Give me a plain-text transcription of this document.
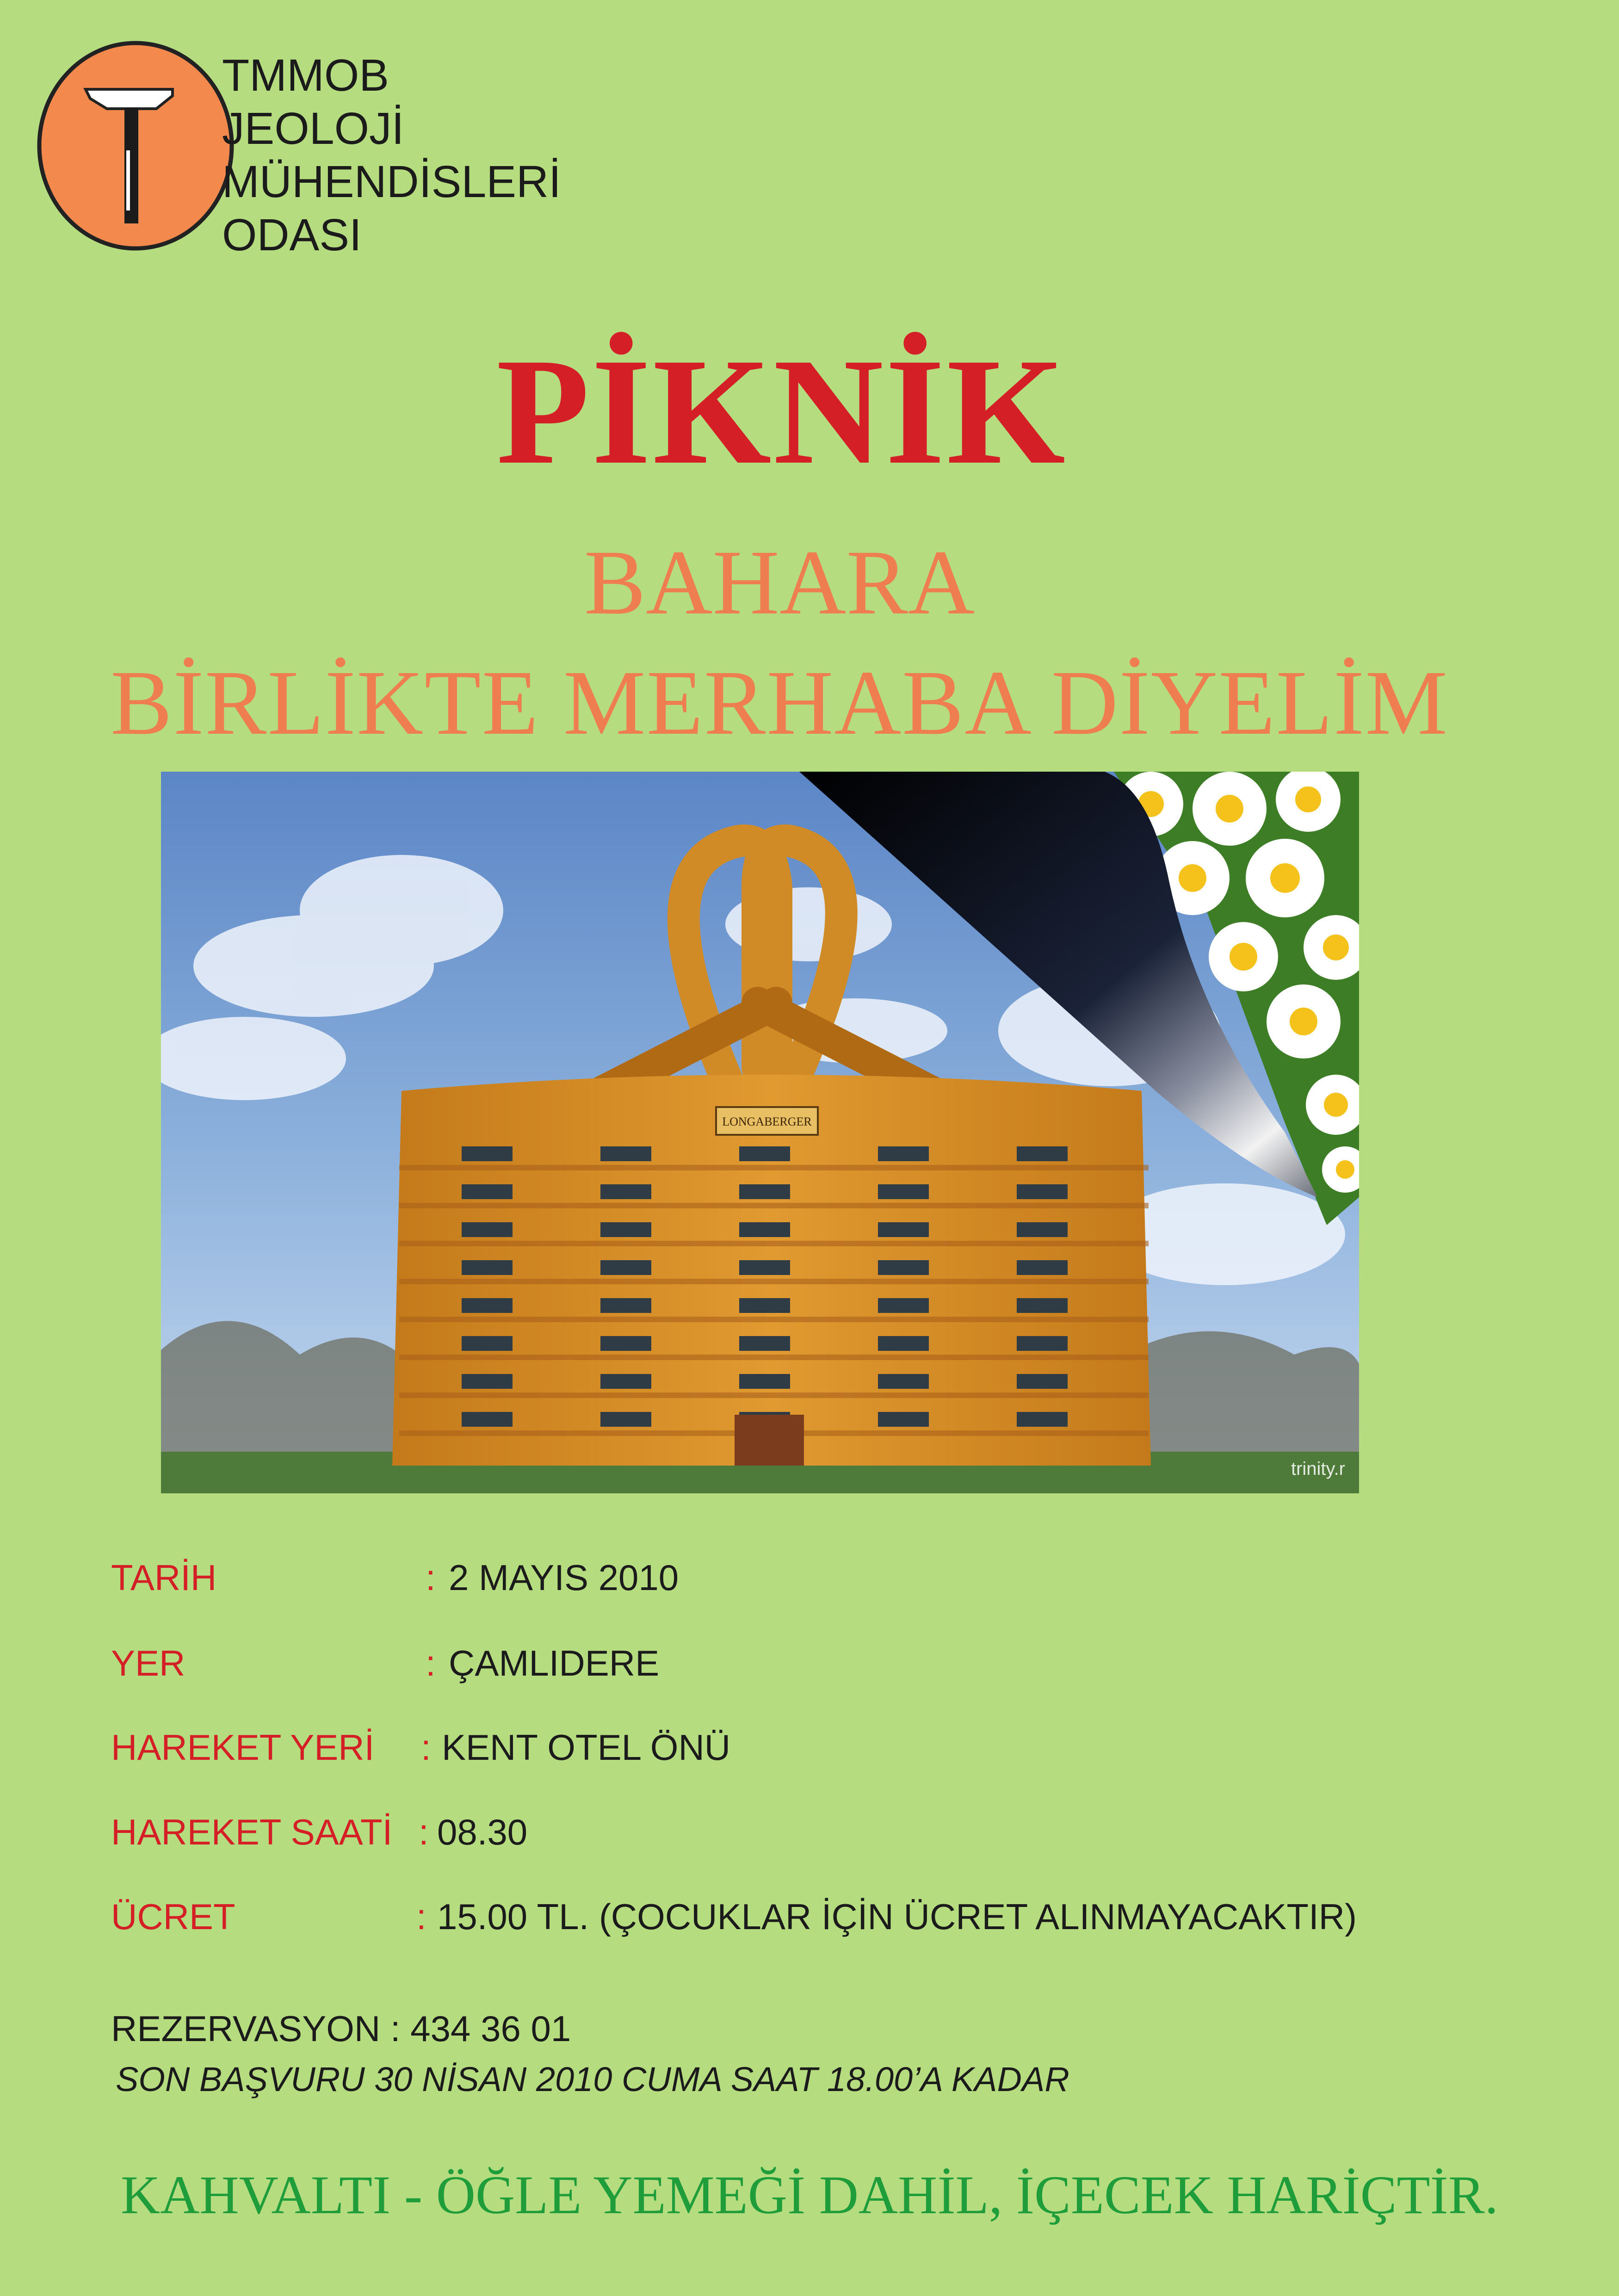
TMMOB
JEOLOJİ
MÜHENDİSLERİ
ODASI
PİKNİK
BAHARA
BİRLİKTE MERHABA DİYELİM
LONGABERGER
trinity.r
TARİH	: 2 MAYIS 2010
YER	: ÇAMLIDERE
HAREKET YERİ : KENT OTEL ÖNÜ
HAREKET SAATİ : 08.30
ÜCRET	: 15.00 TL. (ÇOCUKLAR İÇİN ÜCRET ALINMAYACAKTIR)
REZERVASYON : 434 36 01
SON BAŞVURU 30 NİSAN 2010 CUMA SAAT 18.00’A KADAR
KAHVALTI - ÖĞLE YEMEĞİ DAHİL, İÇECEK HARİÇTİR.
